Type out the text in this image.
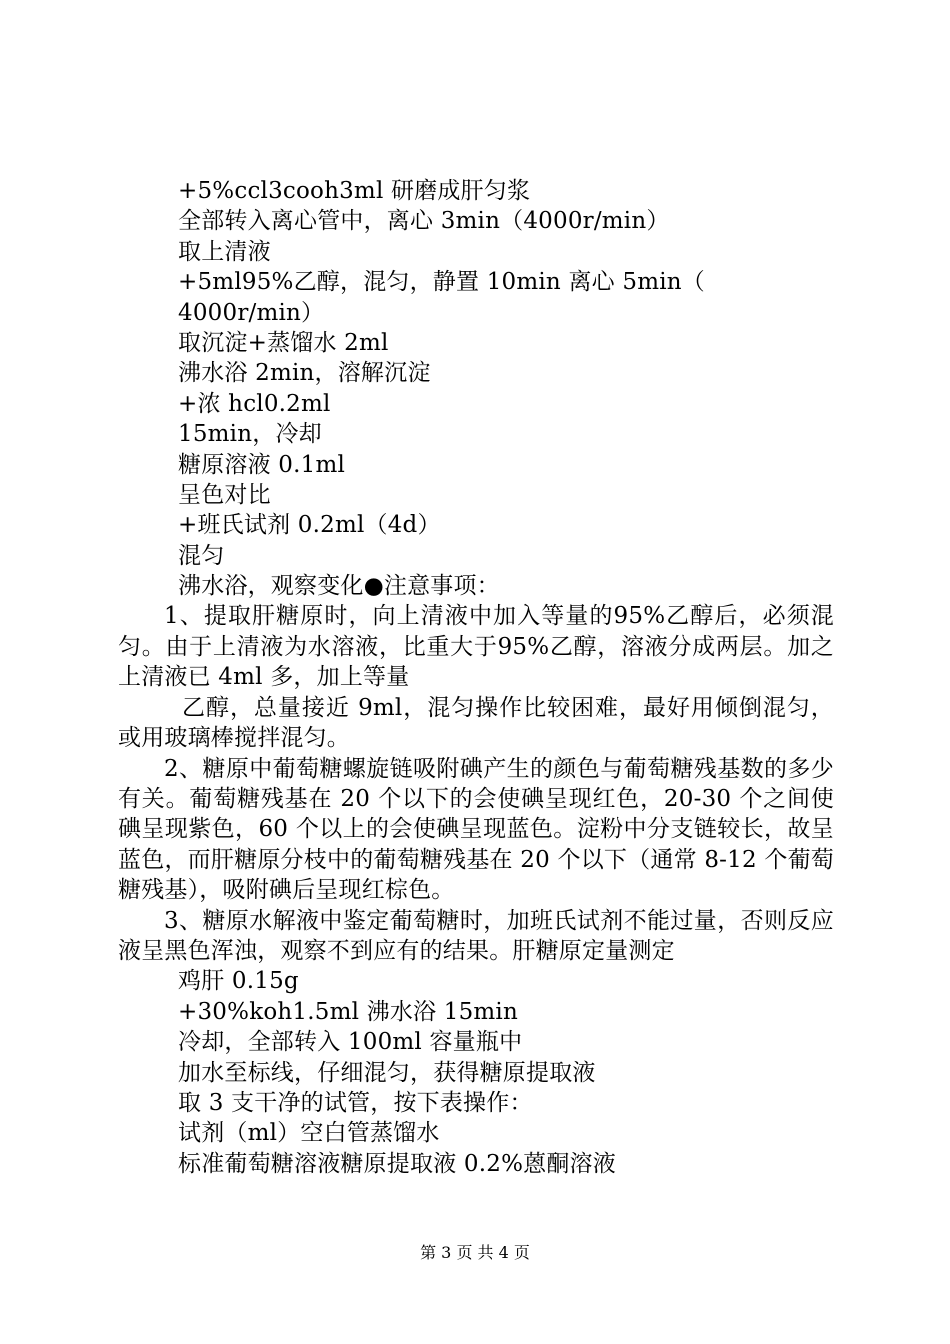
+5%ccl3cooh3ml 研磨成肝匀浆
全部转入离心管中，离心 3min（4000r/min）
取上清液
+5ml95%乙醇，混匀，静置 10min 离心 5min（
4000r/min）
取沉淀+蒸馏水 2ml
沸水浴 2min，溶解沉淀
+浓 hcl0.2ml
15min，冷却
糖原溶液 0.1ml
呈色对比
+班氏试剂 0.2ml（4d）
混匀
沸水浴，观察变化●注意事项：

1、提取肝糖原时，向上清液中加入等量的95%乙醇后，必须混匀。由于上清液为水溶液，比重大于95%乙醇，溶液分成两层。加之上清液已 4ml 多，加上等量

乙醇，总量接近 9ml，混匀操作比较困难，最好用倾倒混匀，或用玻璃棒搅拌混匀。

2、糖原中葡萄糖螺旋链吸附碘产生的颜色与葡萄糖残基数的多少有关。葡萄糖残基在 20 个以下的会使碘呈现红色，20-30 个之间使碘呈现紫色，60 个以上的会使碘呈现蓝色。淀粉中分支链较长，故呈蓝色，而肝糖原分枝中的葡萄糖残基在 20 个以下（通常 8-12 个葡萄糖残基），吸附碘后呈现红棕色。

3、糖原水解液中鉴定葡萄糖时，加班氏试剂不能过量，否则反应液呈黑色浑浊，观察不到应有的结果。肝糖原定量测定

鸡肝 0.15g
+30%koh1.5ml 沸水浴 15min
冷却，全部转入 100ml 容量瓶中
加水至标线，仔细混匀，获得糖原提取液
取 3 支干净的试管，按下表操作：
试剂（ml）空白管蒸馏水
标准葡萄糖溶液糖原提取液 0.2%蒽酮溶液
第 3 页 共 4 页
